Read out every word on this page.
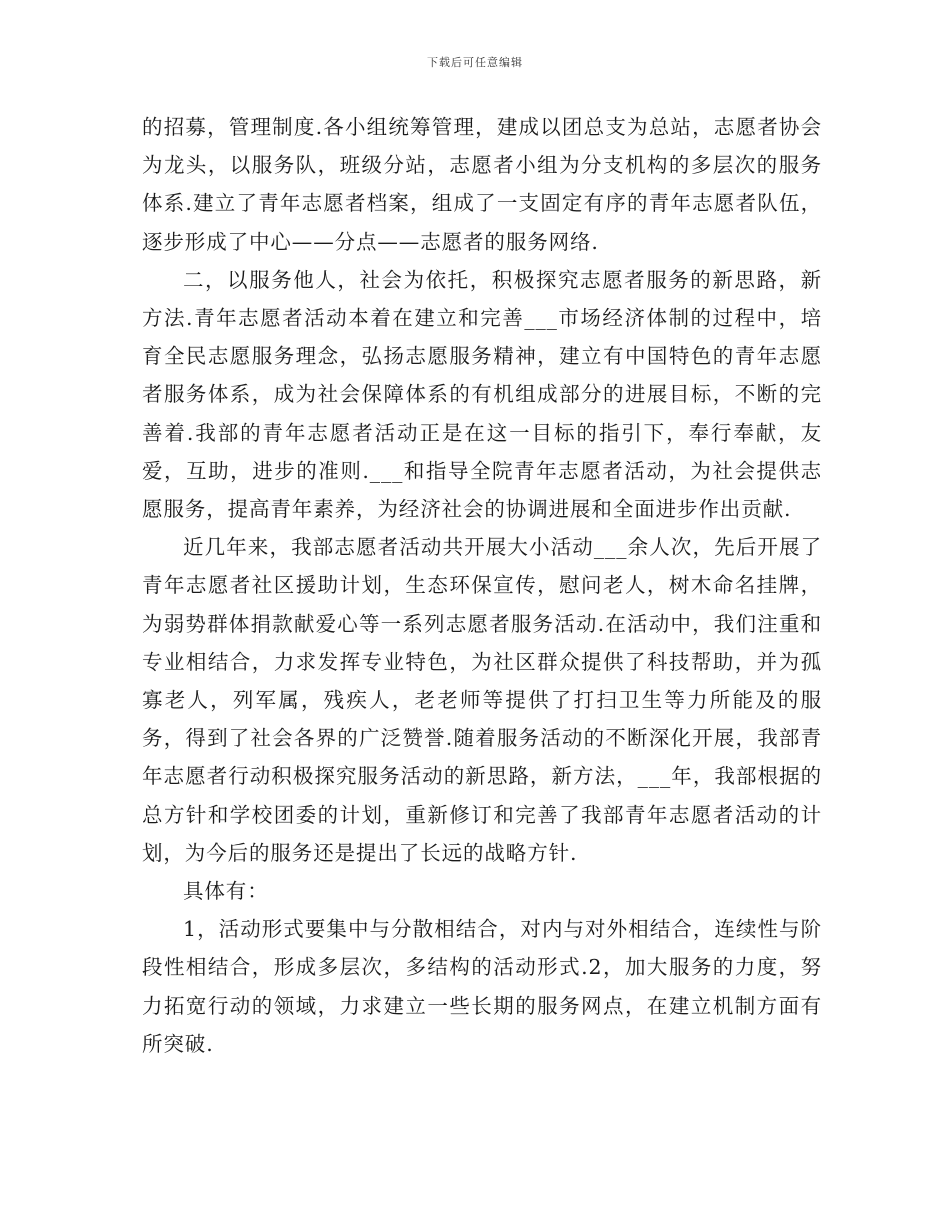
下载后可任意编辑

的招募，管理制度.各小组统筹管理，建成以团总支为总站，志愿者协会为龙头，以服务队，班级分站，志愿者小组为分支机构的多层次的服务体系.建立了青年志愿者档案，组成了一支固定有序的青年志愿者队伍，逐步形成了中心——分点——志愿者的服务网络.

二，以服务他人，社会为依托，积极探究志愿者服务的新思路，新方法.青年志愿者活动本着在建立和完善___市场经济体制的过程中，培育全民志愿服务理念，弘扬志愿服务精神，建立有中国特色的青年志愿者服务体系，成为社会保障体系的有机组成部分的进展目标，不断的完善着.我部的青年志愿者活动正是在这一目标的指引下，奉行奉献，友爱，互助，进步的准则.___和指导全院青年志愿者活动，为社会提供志愿服务，提高青年素养，为经济社会的协调进展和全面进步作出贡献.

近几年来，我部志愿者活动共开展大小活动___余人次，先后开展了青年志愿者社区援助计划，生态环保宣传，慰问老人，树木命名挂牌，为弱势群体捐款献爱心等一系列志愿者服务活动.在活动中，我们注重和专业相结合，力求发挥专业特色，为社区群众提供了科技帮助，并为孤寡老人，列军属，残疾人，老老师等提供了打扫卫生等力所能及的服务，得到了社会各界的广泛赞誉.随着服务活动的不断深化开展，我部青年志愿者行动积极探究服务活动的新思路，新方法，___年，我部根据的总方针和学校团委的计划，重新修订和完善了我部青年志愿者活动的计划，为今后的服务还是提出了长远的战略方针.

具体有：

1，活动形式要集中与分散相结合，对内与对外相结合，连续性与阶段性相结合，形成多层次，多结构的活动形式.2，加大服务的力度，努力拓宽行动的领域，力求建立一些长期的服务网点，在建立机制方面有所突破.
